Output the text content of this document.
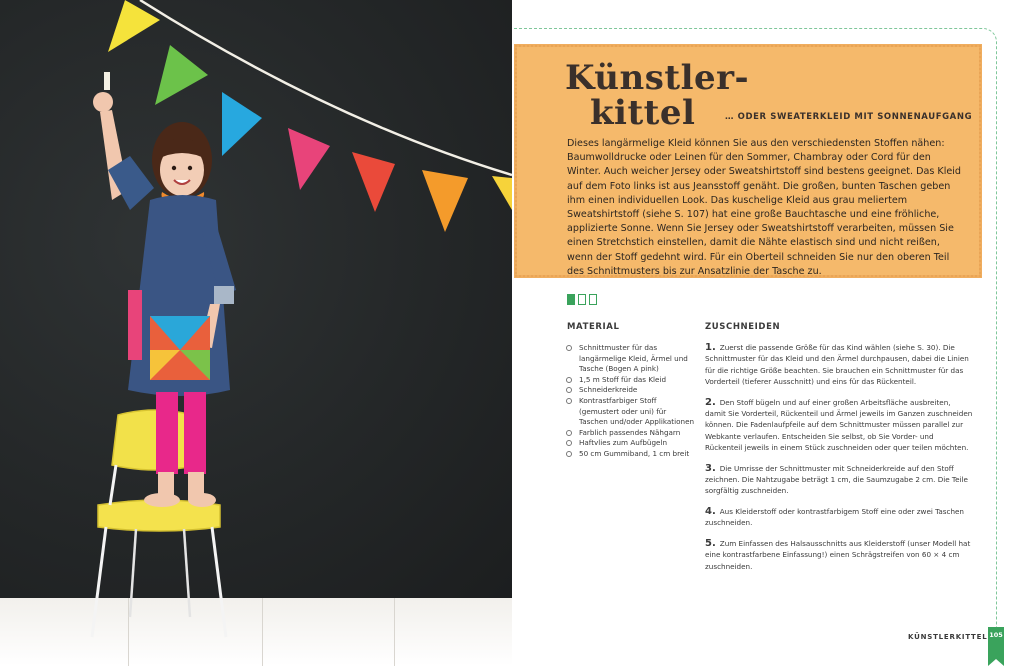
Künstler-
kittel	… ODER SWEATERKLEID MIT SONNENAUFGANG

Dieses langärmelige Kleid können Sie aus den verschiedensten Stoffen nähen: Baumwolldrucke oder Leinen für den Sommer, Chambray oder Cord für den Winter. Auch weicher Jersey oder Sweatshirtstoff sind bestens geeignet. Das Kleid auf dem Foto links ist aus Jeansstoff genäht. Die großen, bunten Taschen geben ihm einen individuellen Look. Das kuschelige Kleid aus grau meliertem Sweatshirtstoff (siehe S. 107) hat eine große Bauchtasche und eine fröhliche, applizierte Sonne. Wenn Sie Jersey oder Sweatshirtstoff verarbeiten, müssen Sie einen Stretchstich einstellen, damit die Nähte elastisch sind und nicht reißen, wenn der Stoff gedehnt wird. Für ein Oberteil schneiden Sie nur den oberen Teil des Schnittmusters bis zur Ansatzlinie der Tasche zu.

MATERIAL	ZUSCHNEIDEN
Schnittmuster für das langärmelige Kleid, Ärmel und Tasche (Bogen A pink)
1,5 m Stoff für das Kleid
Schneiderkreide
Kontrastfarbiger Stoff (gemustert oder uni) für Taschen und/oder Applikationen
Farblich passendes Nähgarn
Haftvlies zum Aufbügeln
50 cm Gummiband, 1 cm breit

1. Zuerst die passende Größe für das Kind wählen (siehe S. 30). Die Schnittmuster für das Kleid und den Ärmel durchpausen, dabei die Linien für die richtige Größe beachten. Sie brauchen ein Schnittmuster für das Vorderteil (tieferer Ausschnitt) und eins für das Rückenteil.

2. Den Stoff bügeln und auf einer großen Arbeitsfläche ausbreiten, damit Sie Vorderteil, Rückenteil und Ärmel jeweils im Ganzen zuschneiden können. Die Fadenlaufpfeile auf dem Schnittmuster müssen parallel zur Webkante verlaufen. Entscheiden Sie selbst, ob Sie Vorder- und Rückenteil jeweils in einem Stück zuschneiden oder quer teilen möchten.

3. Die Umrisse der Schnittmuster mit Schneiderkreide auf den Stoff zeichnen. Die Nahtzugabe beträgt 1 cm, die Saumzugabe 2 cm. Die Teile sorgfältig zuschneiden.

4. Aus Kleiderstoff oder kontrastfarbigem Stoff eine oder zwei Taschen zuschneiden.

5. Zum Einfassen des Halsausschnitts aus Kleiderstoff (unser Modell hat eine kontrastfarbene Einfassung!) einen Schrägstreifen von 60 × 4 cm zuschneiden.

KÜNSTLERKITTEL 105
